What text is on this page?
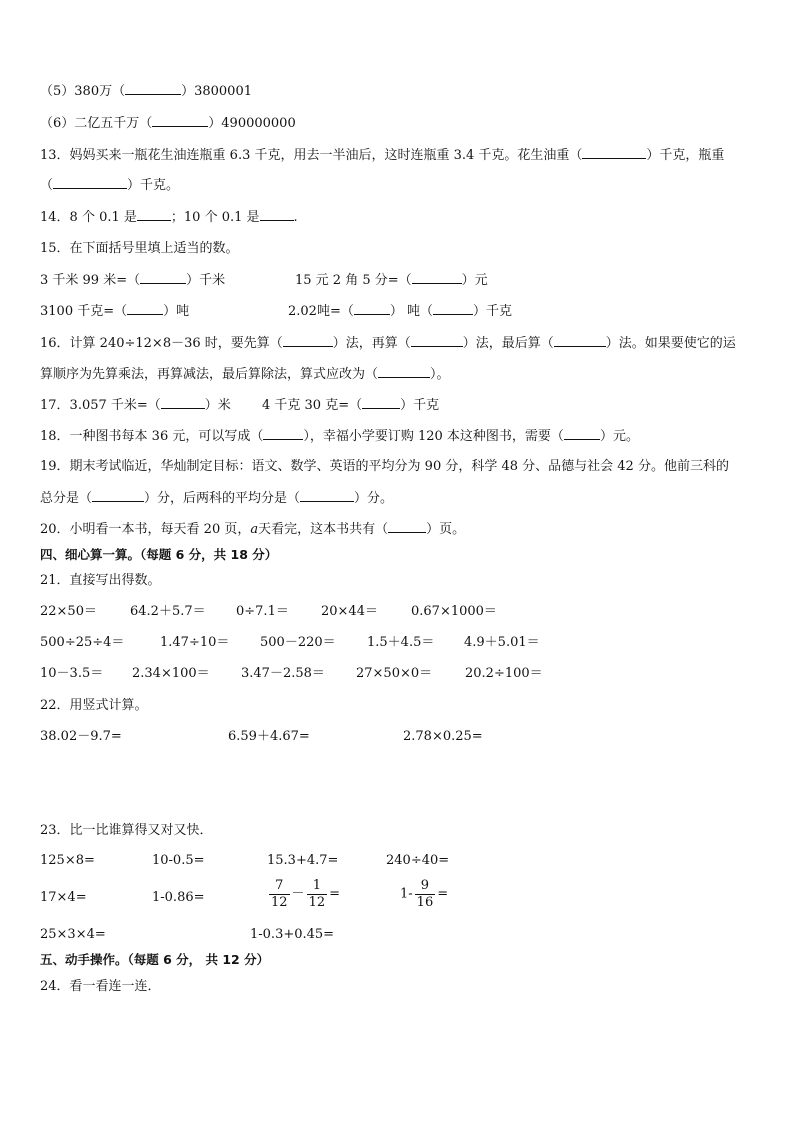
（5）380万（	）3800001
（6）二亿五千万（	）490000000
13．妈妈买来一瓶花生油连瓶重 6.3 千克，用去一半油后，这时连瓶重 3.4 千克。花生油重（	）千克，瓶重
（	）千克。
14．8 个 0.1 是	；10 个 0.1 是	.
15．在下面括号里填上适当的数。
3 千米 99 米=（	）千米	15 元 2 角 5 分=（	）元
3100 千克=（	）吨	2.02吨=（	） 吨（	）千克
16．计算 240÷12×8－36 时，要先算（	）法，再算（	）法，最后算（	）法。如果要使它的运
算顺序为先算乘法，再算减法，最后算除法，算式应改为（	）。
17．3.057 千米=（	）米 4 千克 30 克=（	）千克
18．一种图书每本 36 元，可以写成（	），幸福小学要订购 120 本这种图书，需要（	）元。
19．期末考试临近，华灿制定目标：语文、数学、英语的平均分为 90 分，科学 48 分、品德与社会 42 分。他前三科的
总分是（	）分，后两科的平均分是（	）分。
20．小明看一本书，每天看 20 页，a天看完，这本书共有（	）页。
四、细心算一算。（每题 6 分，共 18 分）
21．直接写出得数。
22×50＝	64.2＋5.7＝ 0÷7.1＝ 20×44＝	0.67×1000＝
500÷25÷4＝	1.47÷10＝ 500－220＝ 1.5＋4.5＝ 4.9＋5.01＝
10－3.5＝ 2.34×100＝ 3.47－2.58＝ 27×50×0＝	20.2÷100＝
22．用竖式计算。
38.02－9.7=	6.59＋4.67=	2.78×0.25=
23．比一比谁算得又对又快．
125×8=	10-0.5=	15.3+4.7=	240÷40=
17×4=	1-0.86=	$\frac{7}{12} - \frac{1}{12}$ =	$1- \frac{9}{16}$ =
25×3×4=	1-0.3+0.45=
五、动手操作。（每题 6 分， 共 12 分）
24．看一看连一连．
